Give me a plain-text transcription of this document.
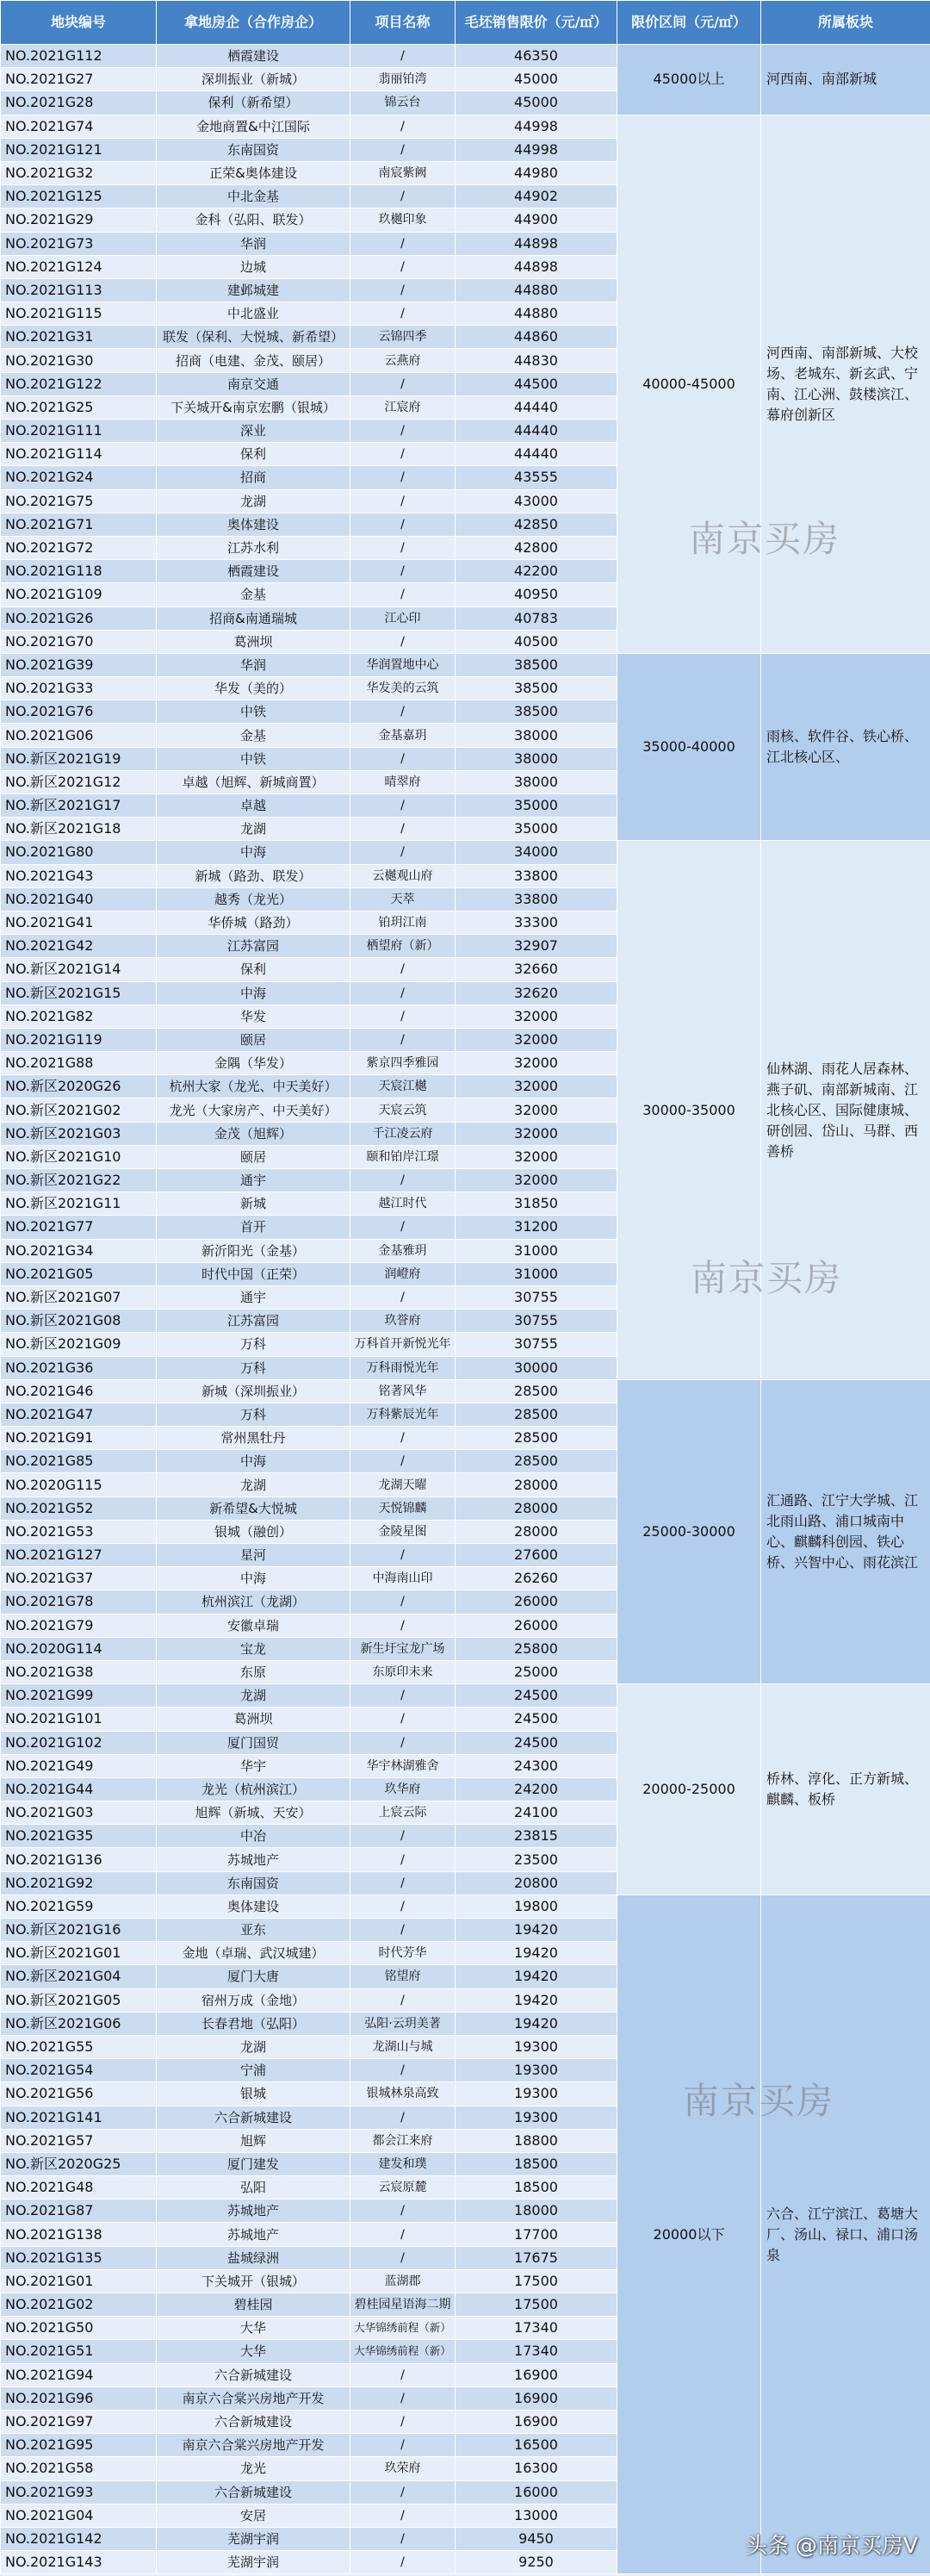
地块编号	拿地房企（合作房企）	项目名称	毛坯销售限价（元/㎡）	限价区间（元/㎡）	所属板块
NO.2021G112	栖霞建设	/	46350	45000以上	河西南、南部新城
NO.2021G27	深圳振业（新城）	翡丽铂湾	45000		
NO.2021G28	保利（新希望）	锦云台	45000		
NO.2021G74	金地商置&中江国际	/	44998	40000-45000	河西南、南部新城、大校场、老城东、新玄武、宁南、江心洲、鼓楼滨江、幕府创新区
NO.2021G121	东南国资	/	44998		
NO.2021G32	正荣&奥体建设	南宸紫阙	44980		
NO.2021G125	中北金基	/	44902		
NO.2021G29	金科（弘阳、联发）	玖樾印象	44900		
NO.2021G73	华润	/	44898		
NO.2021G124	边城	/	44898		
NO.2021G113	建邺城建	/	44880		
NO.2021G115	中北盛业	/	44880		
NO.2021G31	联发（保利、大悦城、新希望）	云锦四季	44860		
NO.2021G30	招商（电建、金茂、颐居）	云燕府	44830		
NO.2021G122	南京交通	/	44500		
NO.2021G25	下关城开&南京宏鹏（银城）	江宸府	44440		
NO.2021G111	深业	/	44440		
NO.2021G114	保利	/	44440		
NO.2021G24	招商	/	43555		
NO.2021G75	龙湖	/	43000		
NO.2021G71	奥体建设	/	42850		
NO.2021G72	江苏水利	/	42800		
NO.2021G118	栖霞建设	/	42200		
NO.2021G109	金基	/	40950		
NO.2021G26	招商&南通瑞城	江心印	40783		
NO.2021G70	葛洲坝	/	40500		
NO.2021G39	华润	华润置地中心	38500	35000-40000	雨核、软件谷、铁心桥、江北核心区、
NO.2021G33	华发（美的）	华发美的云筑	38500		
NO.2021G76	中铁	/	38500		
NO.2021G06	金基	金基嘉玥	38000		
NO.新区2021G19	中铁	/	38000		
NO.新区2021G12	卓越（旭辉、新城商置）	晴翠府	38000		
NO.新区2021G17	卓越	/	35000		
NO.新区2021G18	龙湖	/	35000		
NO.2021G80	中海	/	34000	30000-35000	仙林湖、雨花人居森林、燕子矶、南部新城南、江北核心区、国际健康城、研创园、岱山、马群、西善桥
NO.2021G43	新城（路劲、联发）	云樾观山府	33800		
NO.2021G40	越秀（龙光）	天萃	33800		
NO.2021G41	华侨城（路劲）	铂玥江南	33300		
NO.2021G42	江苏富园	栖望府（新）	32907		
NO.新区2021G14	保利	/	32660		
NO.新区2021G15	中海	/	32620		
NO.2021G82	华发	/	32000		
NO.2021G119	颐居	/	32000		
NO.2021G88	金隅（华发）	紫京四季雅园	32000		
NO.新区2020G26	杭州大家（龙光、中天美好）	天宸江樾	32000		
NO.新区2021G02	龙光（大家房产、中天美好）	天宸云筑	32000		
NO.新区2021G03	金茂（旭辉）	千江凌云府	32000		
NO.新区2021G10	颐居	颐和铂岸江璟	32000		
NO.新区2021G22	通宇	/	32000		
NO.新区2021G11	新城	越江时代	31850		
NO.2021G77	首开	/	31200		
NO.2021G34	新沂阳光（金基）	金基雅玥	31000		
NO.2021G05	时代中国（正荣）	润嶝府	31000		
NO.新区2021G07	通宇	/	30755		
NO.新区2021G08	江苏富园	玖誉府	30755		
NO.新区2021G09	万科	万科首开新悦光年	30755		
NO.2021G36	万科	万科雨悦光年	30000		
NO.2021G46	新城（深圳振业）	铭著风华	28500	25000-30000	汇通路、江宁大学城、江北雨山路、浦口城南中心、麒麟科创园、铁心桥、兴智中心、雨花滨江
NO.2021G47	万科	万科紫辰光年	28500		
NO.2021G91	常州黑牡丹	/	28500		
NO.2021G85	中海	/	28500		
NO.2020G115	龙湖	龙湖天曜	28000		
NO.2021G52	新希望&大悦城	天悦锦麟	28000		
NO.2021G53	银城（融创）	金陵星图	28000		
NO.2021G127	星河	/	27600		
NO.2021G37	中海	中海南山印	26260		
NO.2021G78	杭州滨江（龙湖）	/	26000		
NO.2021G79	安徽卓瑞	/	26000		
NO.2020G114	宝龙	新生圩宝龙广场	25800		
NO.2021G38	东原	东原印未来	25000		
NO.2021G99	龙湖	/	24500	20000-25000	桥林、淳化、正方新城、麒麟、板桥
NO.2021G101	葛洲坝	/	24500		
NO.2021G102	厦门国贸	/	24500		
NO.2021G49	华宇	华宇林湖雅舍	24300		
NO.2021G44	龙光（杭州滨江）	玖华府	24200		
NO.2021G03	旭辉（新城、天安）	上宸云际	24100		
NO.2021G35	中冶	/	23815		
NO.2021G136	苏城地产	/	23500		
NO.2021G92	东南国资	/	20800		
NO.2021G59	奥体建设	/	19800	20000以下	六合、江宁滨江、葛塘大厂、汤山、禄口、浦口汤泉
NO.新区2021G16	亚东	/	19420		
NO.新区2021G01	金地（卓瑞、武汉城建）	时代芳华	19420		
NO.新区2021G04	厦门大唐	铭望府	19420		
NO.新区2021G05	宿州万成（金地）	/	19420		
NO.新区2021G06	长春君地（弘阳）	弘阳·云玥美著	19420		
NO.2021G55	龙湖	龙湖山与城	19300		
NO.2021G54	宁浦	/	19300		
NO.2021G56	银城	银城林泉高致	19300		
NO.2021G141	六合新城建设	/	19300		
NO.2021G57	旭辉	都会江来府	18800		
NO.新区2020G25	厦门建发	建发和璞	18500		
NO.2021G48	弘阳	云宸原麓	18500		
NO.2021G87	苏城地产	/	18000		
NO.2021G138	苏城地产	/	17700		
NO.2021G135	盐城绿洲	/	17675		
NO.2021G01	下关城开（银城）	蓝湖郡	17500		
NO.2021G02	碧桂园	碧桂园星语海二期	17500		
NO.2021G50	大华	大华锦绣前程（新）	17340		
NO.2021G51	大华	大华锦绣前程（新）	17340		
NO.2021G94	六合新城建设	/	16900		
NO.2021G96	南京六合棠兴房地产开发	/	16900		
NO.2021G97	六合新城建设	/	16900		
NO.2021G95	南京六合棠兴房地产开发	/	16500		
NO.2021G58	龙光	玖荣府	16300		
NO.2021G93	六合新城建设	/	16000		
NO.2021G04	安居	/	13000		
NO.2021G142	芜湖宇润	/	9450		
NO.2021G143	芜湖宇润	/	9250		
南京买房
南京买房
南京买房
头条 @南京买房V
